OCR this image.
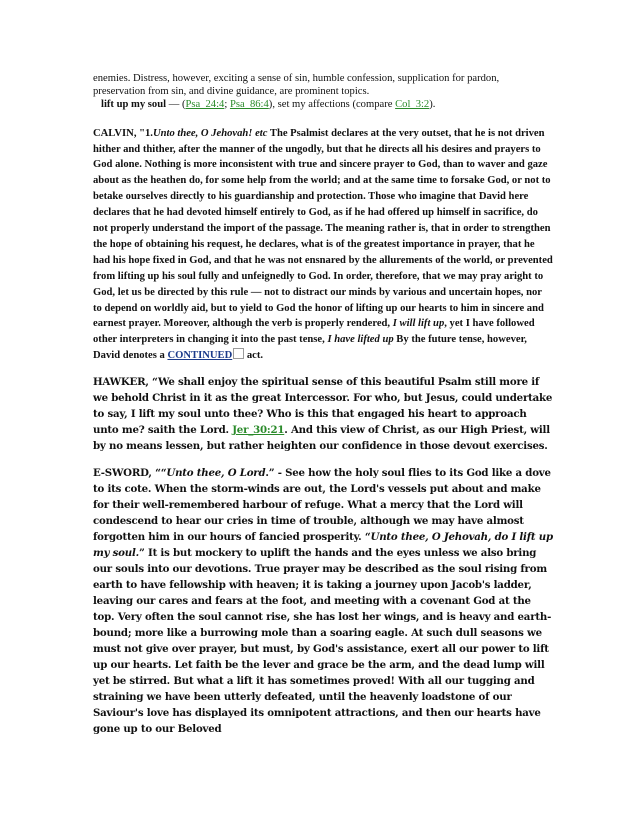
enemies. Distress, however, exciting a sense of sin, humble confession, supplication for pardon, preservation from sin, and divine guidance, are prominent topics.
lift up my soul — (Psa_24:4; Psa_86:4), set my affections (compare Col_3:2).

CALVIN, "1.Unto thee, O Jehovah! etc The Psalmist declares at the very outset, that he is not driven hither and thither, after the manner of the ungodly, but that he directs all his desires and prayers to God alone. Nothing is more inconsistent with true and sincere prayer to God, than to waver and gaze about as the heathen do, for some help from the world; and at the same time to forsake God, or not to betake ourselves directly to his guardianship and protection. Those who imagine that David here declares that he had devoted himself entirely to God, as if he had offered up himself in sacrifice, do not properly understand the import of the passage. The meaning rather is, that in order to strengthen the hope of obtaining his request, he declares, what is of the greatest importance in prayer, that he had his hope fixed in God, and that he was not ensnared by the allurements of the world, or prevented from lifting up his soul fully and unfeignedly to God. In order, therefore, that we may pray aright to God, let us be directed by this rule — not to distract our minds by various and uncertain hopes, nor to depend on worldly aid, but to yield to God the honor of lifting up our hearts to him in sincere and earnest prayer. Moreover, although the verb is properly rendered, I will lift up, yet I have followed other interpreters in changing it into the past tense, I have lifted up By the future tense, however, David denotes a CONTINUED act.

HAWKER, “We shall enjoy the spiritual sense of this beautiful Psalm still more if we behold Christ in it as the great Intercessor. For who, but Jesus, could undertake to say, I lift my soul unto thee? Who is this that engaged his heart to approach unto me? saith the Lord. Jer_30:21. And this view of Christ, as our High Priest, will by no means lessen, but rather heighten our confidence in those devout exercises.

E-SWORD, ““Unto thee, O Lord.” - See how the holy soul flies to its God like a dove to its cote. When the storm-winds are out, the Lord's vessels put about and make for their well-remembered harbour of refuge. What a mercy that the Lord will condescend to hear our cries in time of trouble, although we may have almost forgotten him in our hours of fancied prosperity. “Unto thee, O Jehovah, do I lift up my soul.” It is but mockery to uplift the hands and the eyes unless we also bring our souls into our devotions. True prayer may be described as the soul rising from earth to have fellowship with heaven; it is taking a journey upon Jacob's ladder, leaving our cares and fears at the foot, and meeting with a covenant God at the top. Very often the soul cannot rise, she has lost her wings, and is heavy and earth-bound; more like a burrowing mole than a soaring eagle. At such dull seasons we must not give over prayer, but must, by God's assistance, exert all our power to lift up our hearts. Let faith be the lever and grace be the arm, and the dead lump will yet be stirred. But what a lift it has sometimes proved! With all our tugging and straining we have been utterly defeated, until the heavenly loadstone of our Saviour's love has displayed its omnipotent attractions, and then our hearts have gone up to our Beloved
